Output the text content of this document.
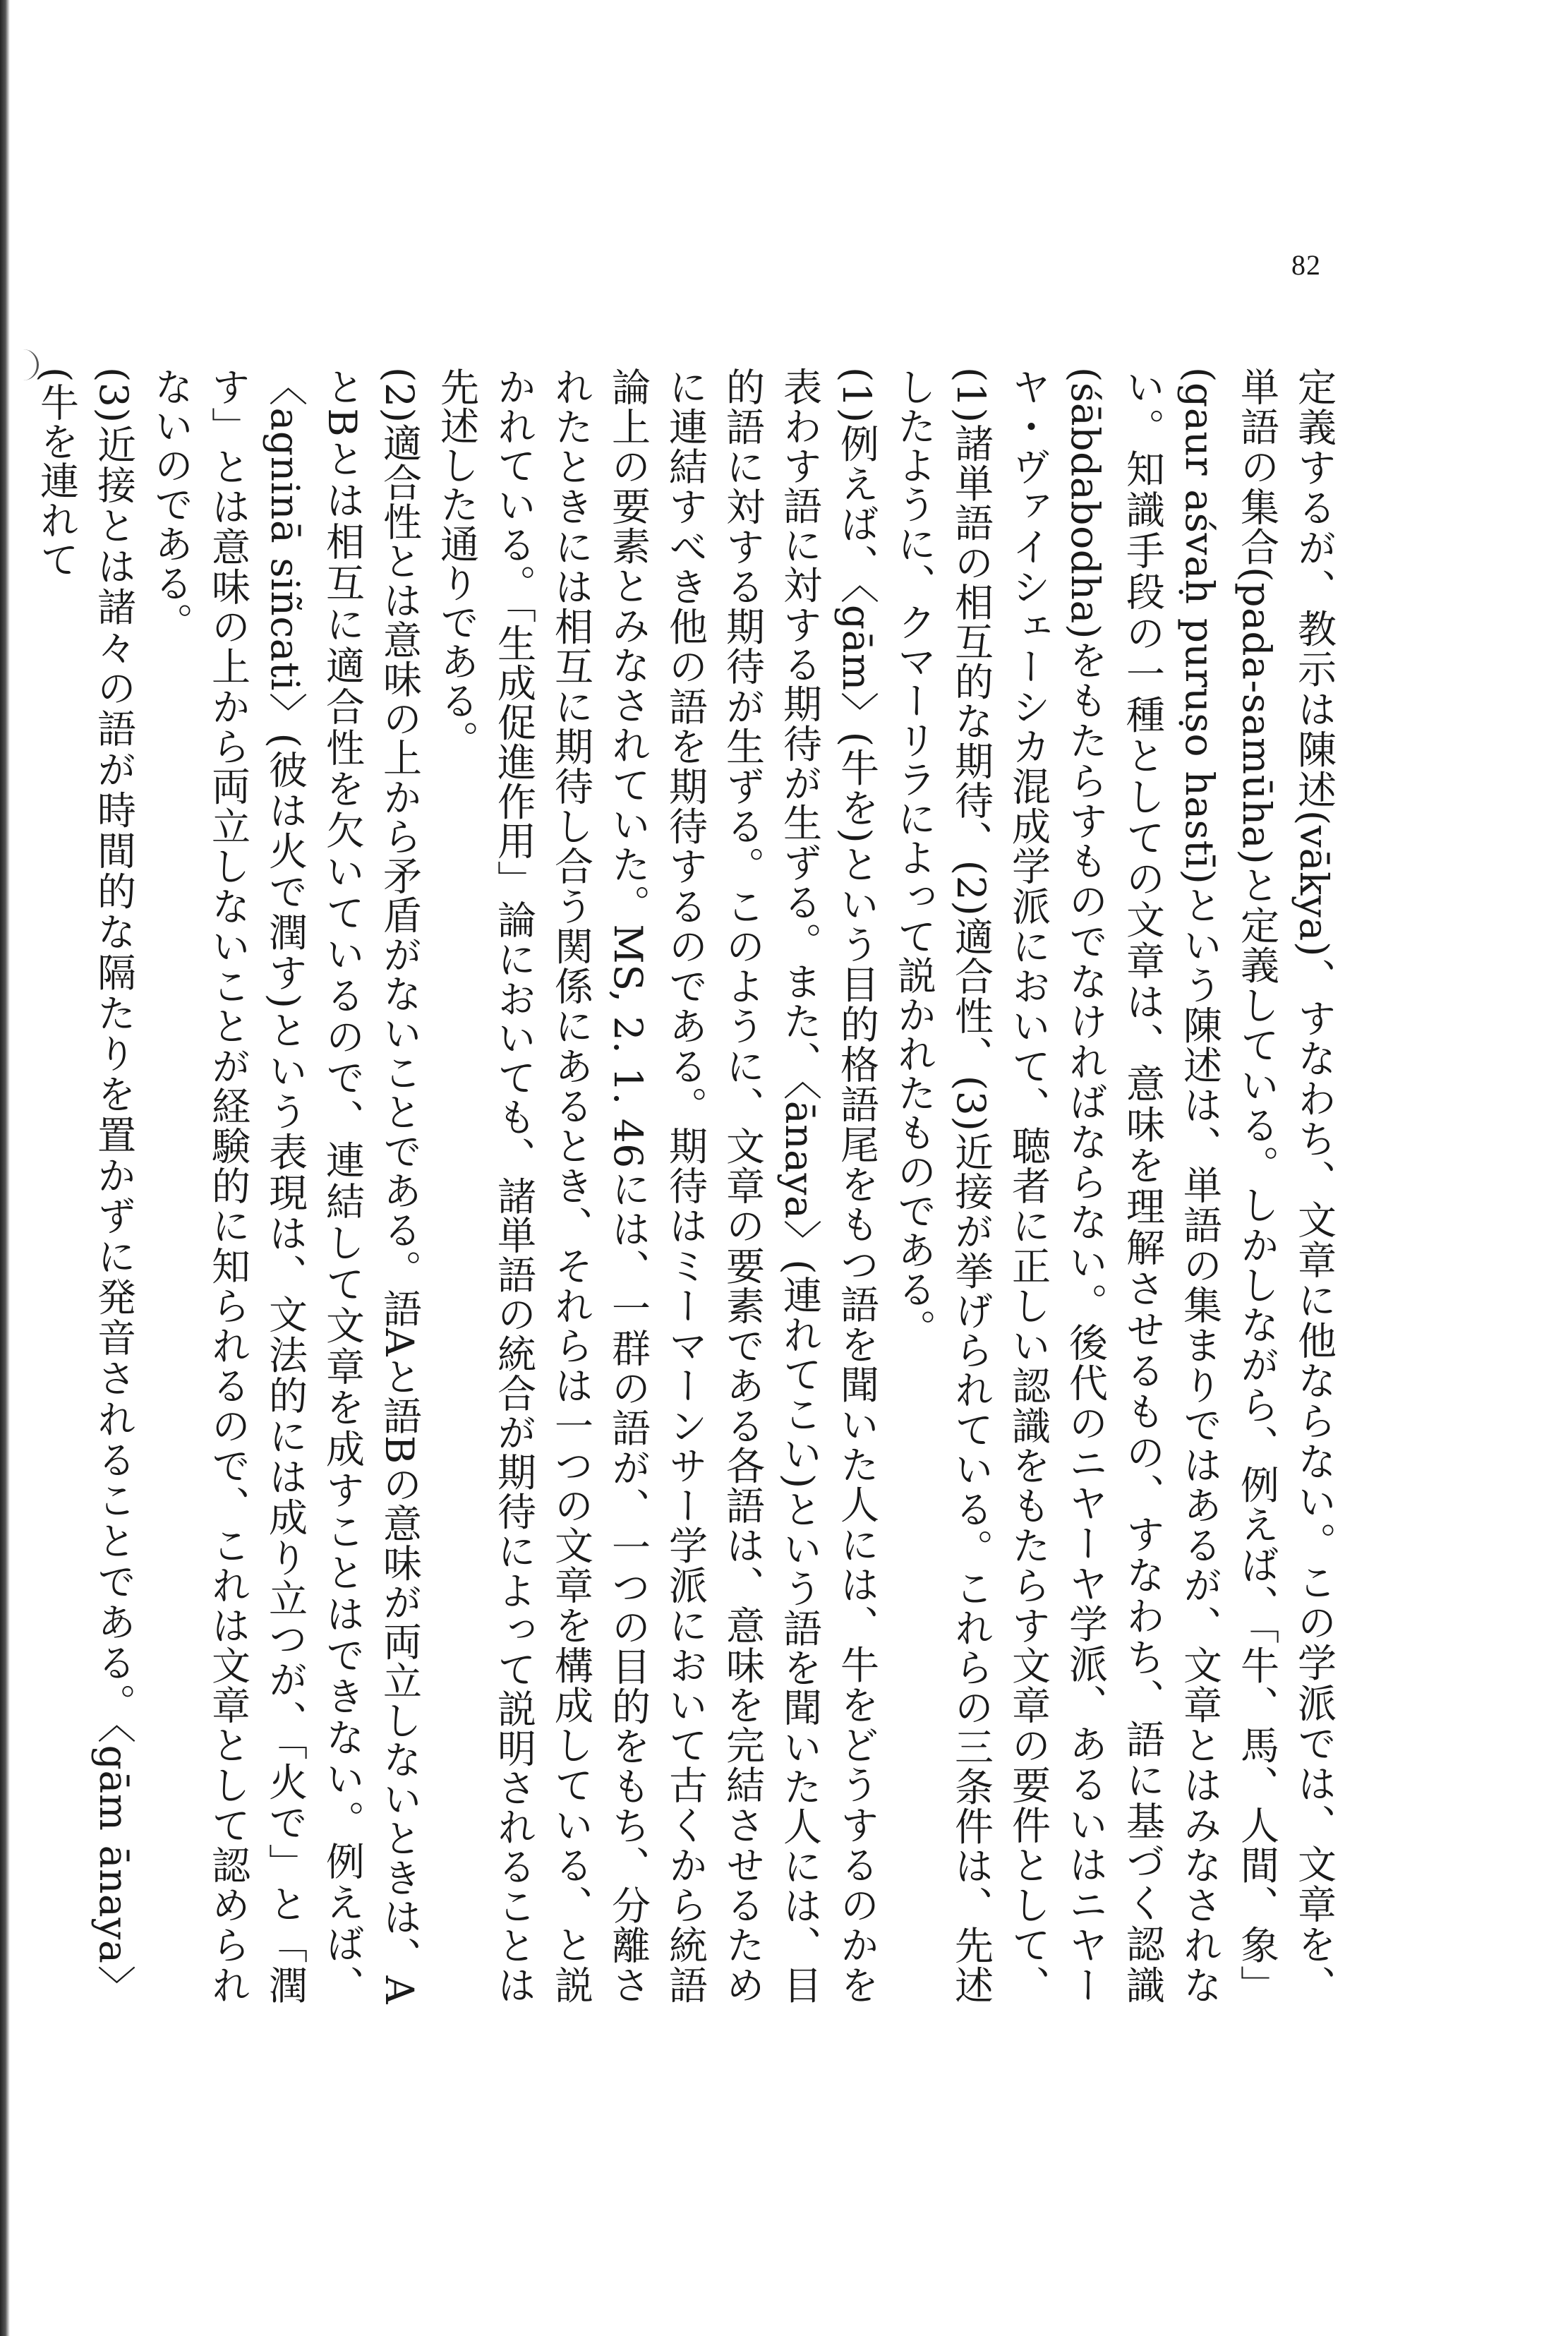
82

定義するが、教示は陳述(vākya)、すなわち、文章に他ならない。この学派では、文章を、単語の集合(pada-samūha)と定義している。しかしながら、例えば、「牛、馬、人間、象」(gaur aśvaḥ puruṣo hastī)という陳述は、単語の集まりではあるが、文章とはみなされない。知識手段の一種としての文章は、意味を理解させるもの、すなわち、語に基づく認識(śābdabodha)をもたらすものでなければならない。後代のニヤーヤ学派、あるいはニヤーヤ・ヴァイシェーシカ混成学派において、聴者に正しい認識をもたらす文章の要件として、(1)諸単語の相互的な期待、(2)適合性、(3)近接が挙げられている。これらの三条件は、先述したように、クマーリラによって説かれたものである。

(1)例えば、〈gām〉(牛を)という目的格語尾をもつ語を聞いた人には、牛をどうするのかを表わす語に対する期待が生ずる。また、〈ānaya〉(連れてこい)という語を聞いた人には、目的語に対する期待が生ずる。このように、文章の要素である各語は、意味を完結させるために連結すべき他の語を期待するのである。期待はミーマーンサー学派において古くから統語論上の要素とみなされていた。MS, 2. 1. 46には、一群の語が、一つの目的をもち、分離されたときには相互に期待し合う関係にあるとき、それらは一つの文章を構成している、と説かれている。「生成促進作用」論においても、諸単語の統合が期待によって説明されることは先述した通りである。

(2)適合性とは意味の上から矛盾がないことである。語Aと語Bの意味が両立しないときは、AとBとは相互に適合性を欠いているので、連結して文章を成すことはできない。例えば、〈agninā siñcati〉(彼は火で潤す)という表現は、文法的には成り立つが、「火で」と「潤す」とは意味の上から両立しないことが経験的に知られるので、これは文章として認められないのである。

(3)近接とは諸々の語が時間的な隔たりを置かずに発音されることである。〈gām ānaya〉(牛を連れて
